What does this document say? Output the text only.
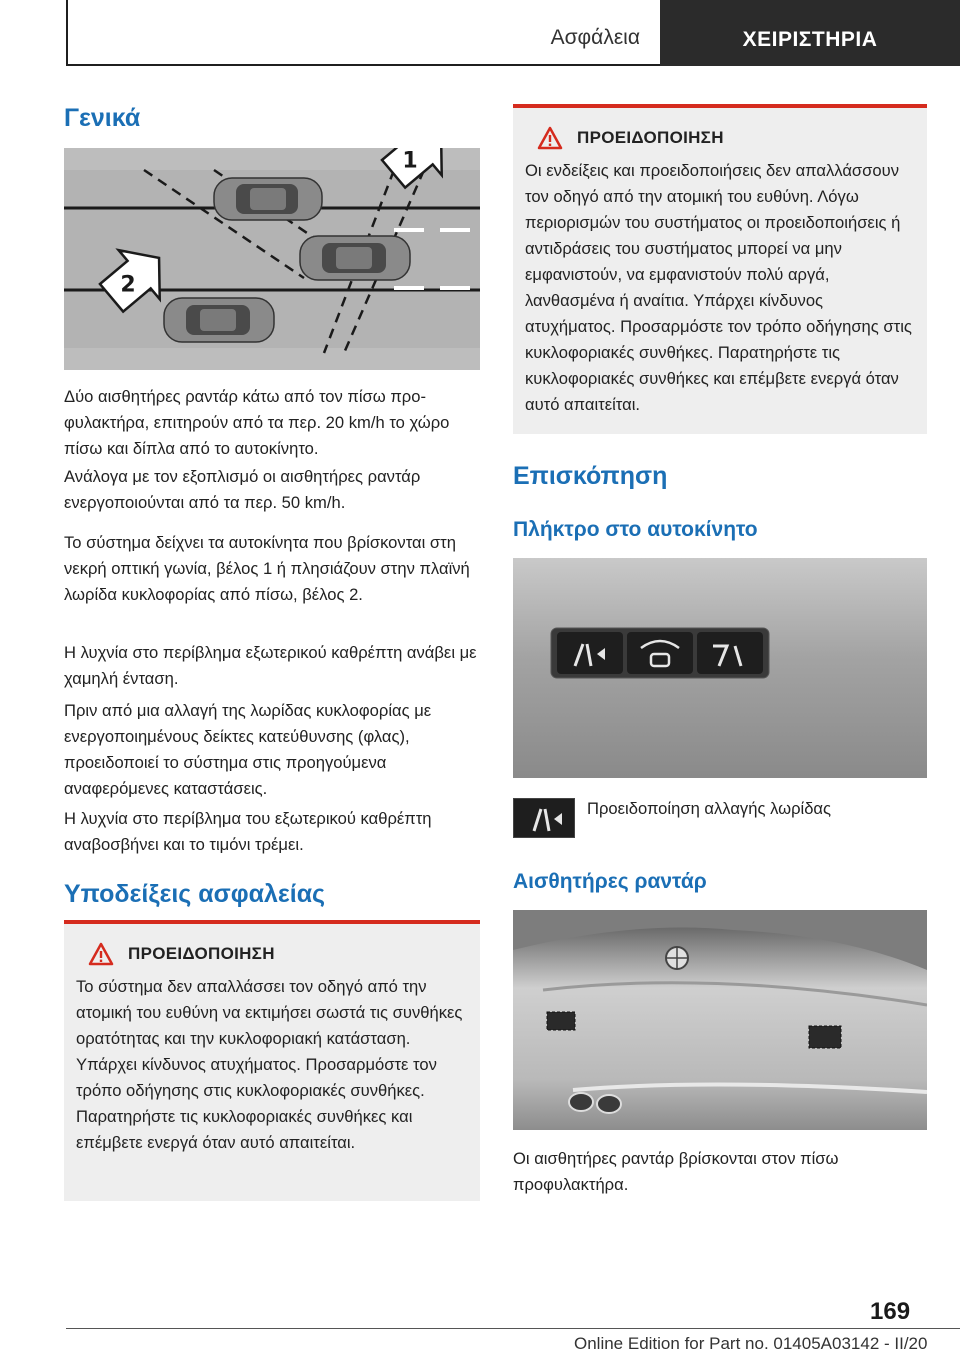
Ασφάλεια	ΧΕΙΡΙΣΤΗΡΙΑ
Γενικά
1
2
Δύο αισθητήρες ραντάρ κάτω από τον πίσω προφυλακτήρα, επιτηρούν από τα περ. 20 km/h το χώρο πίσω και δίπλα από το αυτοκίνητο.
Ανάλογα με τον εξοπλισμό οι αισθητήρες ραντάρ ενεργοποιούνται από τα περ. 50 km/h.
Το σύστημα δείχνει τα αυτοκίνητα που βρίσκονται στη νεκρή οπτική γωνία, βέλος 1 ή πλησιάζουν στην πλαϊνή λωρίδα κυκλοφορίας από πίσω, βέλος 2.
Η λυχνία στο περίβλημα εξωτερικού καθρέπτη ανάβει με χαμηλή ένταση.
Πριν από μια αλλαγή της λωρίδας κυκλοφορίας με ενεργοποιημένους δείκτες κατεύθυνσης (φλας), προειδοποιεί το σύστημα στις προηγούμενα αναφερόμενες καταστάσεις.
Η λυχνία στο περίβλημα του εξωτερικού καθρέπτη αναβοσβήνει και το τιμόνι τρέμει.
Υποδείξεις ασφαλείας
ΠΡΟΕΙΔΟΠΟΙΗΣΗ
Το σύστημα δεν απαλλάσσει τον οδηγό από την ατομική του ευθύνη να εκτιμήσει σωστά τις συνθήκες ορατότητας και την κυκλοφοριακή κατάσταση. Υπάρχει κίνδυνος ατυχήματος. Προσαρμόστε τον τρόπο οδήγησης στις κυκλοφοριακές συνθήκες. Παρατηρήστε τις κυκλοφοριακές συνθήκες και επέμβετε ενεργά όταν αυτό απαιτείται.
ΠΡΟΕΙΔΟΠΟΙΗΣΗ
Οι ενδείξεις και προειδοποιήσεις δεν απαλλάσσουν τον οδηγό από την ατομική του ευθύνη. Λόγω περιορισμών του συστήματος οι προειδοποιήσεις ή αντιδράσεις του συστήματος μπορεί να μην εμφανιστούν, να εμφανιστούν πολύ αργά, λανθασμένα ή αναίτια. Υπάρχει κίνδυνος ατυχήματος. Προσαρμόστε τον τρόπο οδήγησης στις κυκλοφοριακές συνθήκες. Παρατηρήστε τις κυκλοφοριακές συνθήκες και επέμβετε ενεργά όταν αυτό απαιτείται.
Επισκόπηση
Πλήκτρο στο αυτοκίνητο
Προειδοποίηση αλλαγής λωρίδας
Αισθητήρες ραντάρ
Οι αισθητήρες ραντάρ βρίσκονται στον πίσω προφυλακτήρα.
169
Online Edition for Part no. 01405A03142 - II/20
